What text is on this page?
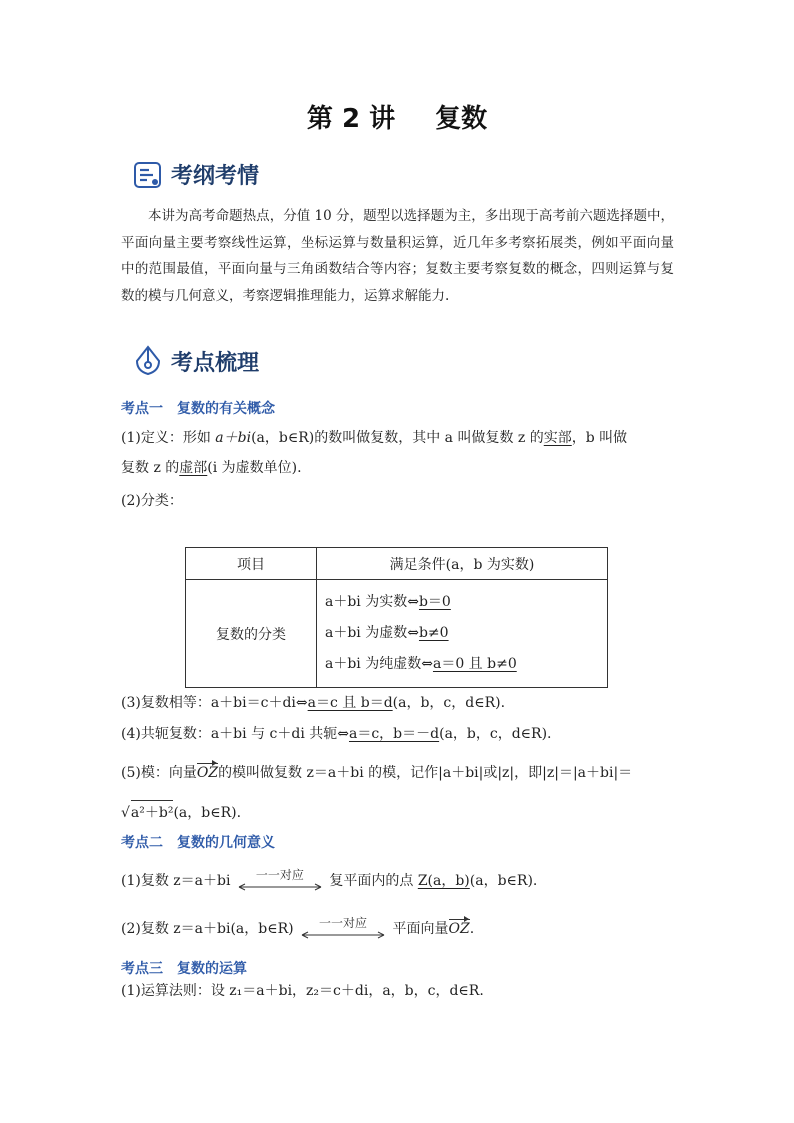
第 2 讲 复数
考纲考情
本讲为高考命题热点，分值 10 分，题型以选择题为主，多出现于高考前六题选择题中，平面向量主要考察线性运算，坐标运算与数量积运算，近几年多考察拓展类，例如平面向量中的范围最值，平面向量与三角函数结合等内容；复数主要考察复数的概念，四则运算与复数的模与几何意义，考察逻辑推理能力，运算求解能力.
考点梳理
考点一　复数的有关概念
(1)定义：形如 a＋bi(a，b∈R)的数叫做复数，其中 a 叫做复数 z 的实部，b 叫做
复数 z 的虚部(i 为虚数单位).
(2)分类：
项目	满足条件(a，b 为实数)
复数的分类	a＋bi 为实数⇔b＝0
a＋bi 为虚数⇔b≠0
a＋bi 为纯虚数⇔a＝0 且 b≠0
(3)复数相等：a＋bi＝c＋di⇔a＝c 且 b＝d(a，b，c，d∈R).
(4)共轭复数：a＋bi 与 c＋di 共轭⇔a＝c，b＝－d(a，b，c，d∈R).
(5)模：向量OZ的模叫做复数 z＝a＋bi 的模，记作|a＋bi|或|z|，即|z|＝|a＋bi|＝
√a²＋b²(a，b∈R).
考点二　复数的几何意义
(1)复数 z＝a＋bi	一一对应	复平面内的点 Z(a，b)(a，b∈R).
(2)复数 z＝a＋bi(a，b∈R)	一一对应	平面向量OZ.
考点三　复数的运算
(1)运算法则：设 z₁＝a＋bi，z₂＝c＋di，a，b，c，d∈R.
